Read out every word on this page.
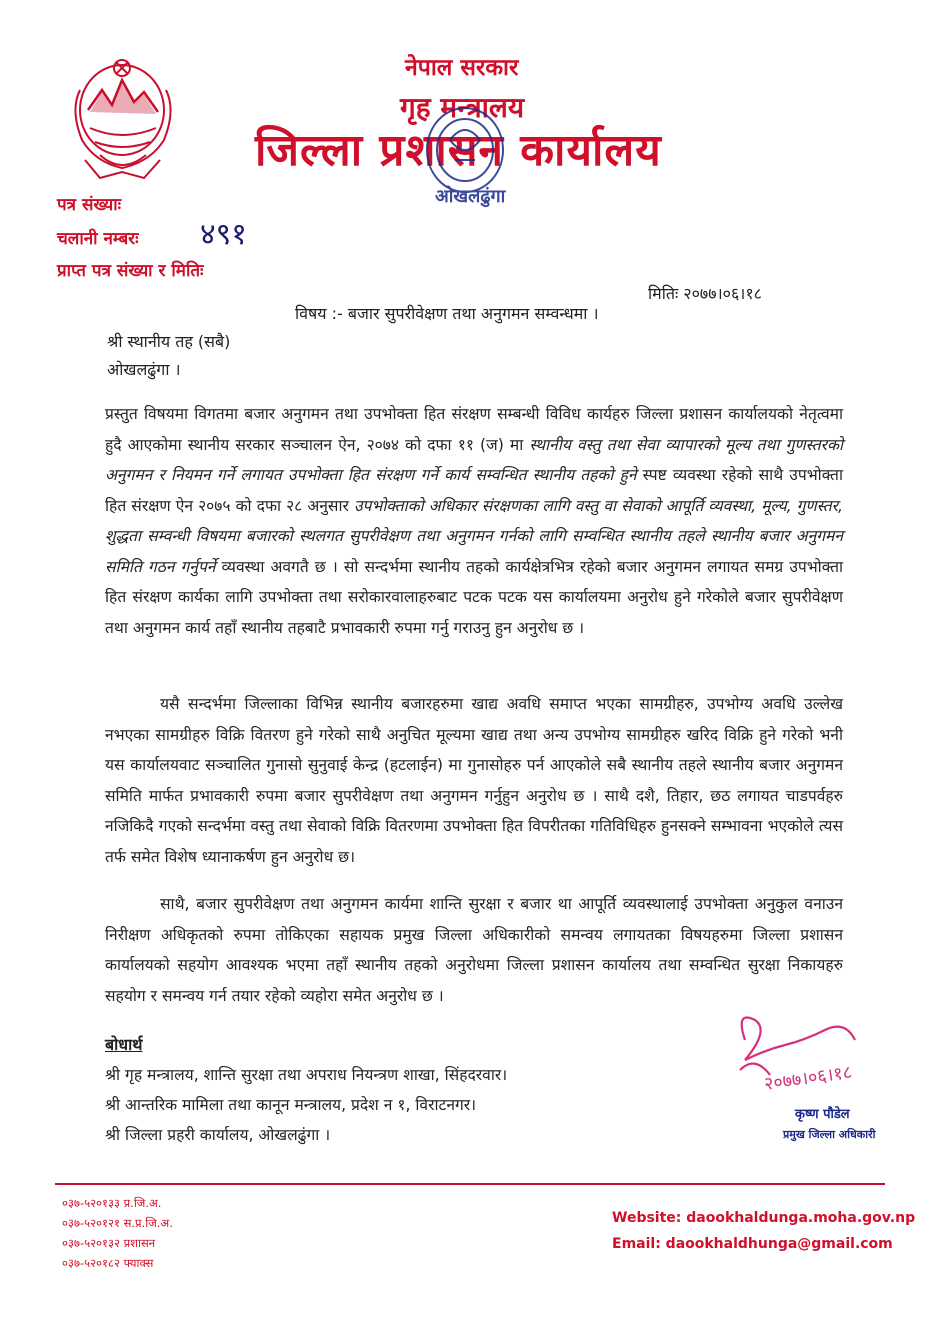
नेपाल सरकार
गृह मन्त्रालय
जिल्ला प्रशासन कार्यालय
ओखलढुंगा
पत्र संख्याः
चलानी नम्बरः ४९१
प्राप्त पत्र संख्या र मितिः
मितिः २०७७।०६।१८
विषय :- बजार सुपरीवेक्षण तथा अनुगमन सम्वन्धमा ।
श्री स्थानीय तह (सबै)
ओखलढुंगा ।
प्रस्तुत विषयमा विगतमा बजार अनुगमन तथा उपभोक्ता हित संरक्षण सम्बन्धी विविध कार्यहरु जिल्ला प्रशासन कार्यालयको नेतृत्वमा हुदै आएकोमा स्थानीय सरकार सञ्चालन ऐन, २०७४ को दफा ११ (ज) मा स्थानीय वस्तु तथा सेवा व्यापारको मूल्य तथा गुणस्तरको अनुगमन र नियमन गर्ने लगायत उपभोक्ता हित संरक्षण गर्ने कार्य सम्वन्धित स्थानीय तहको हुने स्पष्ट व्यवस्था रहेको साथै उपभोक्ता हित संरक्षण ऐन २०७५ को दफा २८ अनुसार उपभोक्ताको अधिकार संरक्षणका लागि वस्तु वा सेवाको आपूर्ति व्यवस्था, मूल्य, गुणस्तर, शुद्धता सम्वन्धी विषयमा बजारको स्थलगत सुपरीवेक्षण तथा अनुगमन गर्नको लागि सम्वन्धित स्थानीय तहले स्थानीय बजार अनुगमन समिति गठन गर्नुपर्ने व्यवस्था अवगतै छ । सो सन्दर्भमा स्थानीय तहको कार्यक्षेत्रभित्र रहेको बजार अनुगमन लगायत समग्र उपभोक्ता हित संरक्षण कार्यका लागि उपभोक्ता तथा सरोकारवालाहरुबाट पटक पटक यस कार्यालयमा अनुरोध हुने गरेकोले बजार सुपरीवेक्षण तथा अनुगमन कार्य तहाँ स्थानीय तहबाटै प्रभावकारी रुपमा गर्नु गराउनु हुन अनुरोध छ ।
यसै सन्दर्भमा जिल्लाका विभिन्न स्थानीय बजारहरुमा खाद्य अवधि समाप्त भएका सामग्रीहरु, उपभोग्य अवधि उल्लेख नभएका सामग्रीहरु विक्रि वितरण हुने गरेको साथै अनुचित मूल्यमा खाद्य तथा अन्य उपभोग्य सामग्रीहरु खरिद विक्रि हुने गरेको भनी यस कार्यालयवाट सञ्चालित गुनासो सुनुवाई केन्द्र (हटलाईन) मा गुनासोहरु पर्न आएकोले सबै स्थानीय तहले स्थानीय बजार अनुगमन समिति मार्फत प्रभावकारी रुपमा बजार सुपरीवेक्षण तथा अनुगमन गर्नुहुन अनुरोध छ । साथै दशै, तिहार, छठ लगायत चाडपर्वहरु नजिकिदै गएको सन्दर्भमा वस्तु तथा सेवाको विक्रि वितरणमा उपभोक्ता हित विपरीतका गतिविधिहरु हुनसक्ने सम्भावना भएकोले त्यस तर्फ समेत विशेष ध्यानाकर्षण हुन अनुरोध छ।
साथै, बजार सुपरीवेक्षण तथा अनुगमन कार्यमा शान्ति सुरक्षा र बजार था आपूर्ति व्यवस्थालाई उपभोक्ता अनुकुल वनाउन निरीक्षण अधिकृतको रुपमा तोकिएका सहायक प्रमुख जिल्ला अधिकारीको समन्वय लगायतका विषयहरुमा जिल्ला प्रशासन कार्यालयको सहयोग आवश्यक भएमा तहाँ स्थानीय तहको अनुरोधमा जिल्ला प्रशासन कार्यालय तथा सम्वन्धित सुरक्षा निकायहरु सहयोग र समन्वय गर्न तयार रहेको व्यहोरा समेत अनुरोध छ ।
बोधार्थ
श्री गृह मन्त्रालय, शान्ति सुरक्षा तथा अपराध नियन्त्रण शाखा, सिंहदरवार।
श्री आन्तरिक मामिला तथा कानून मन्त्रालय, प्रदेश न १, विराटनगर।
श्री जिल्ला प्रहरी कार्यालय, ओखलढुंगा ।
२०७७।०६।१८
कृष्ण पौडेल
प्रमुख जिल्ला अधिकारी
०३७-५२०१३३ प्र.जि.अ.
०३७-५२०१२१ स.प्र.जि.अ.
०३७-५२०१३२ प्रशासन
०३७-५२०१८२ फ्याक्स
Website: daookhaldunga.moha.gov.np
Email: daookhaldhunga@gmail.com
